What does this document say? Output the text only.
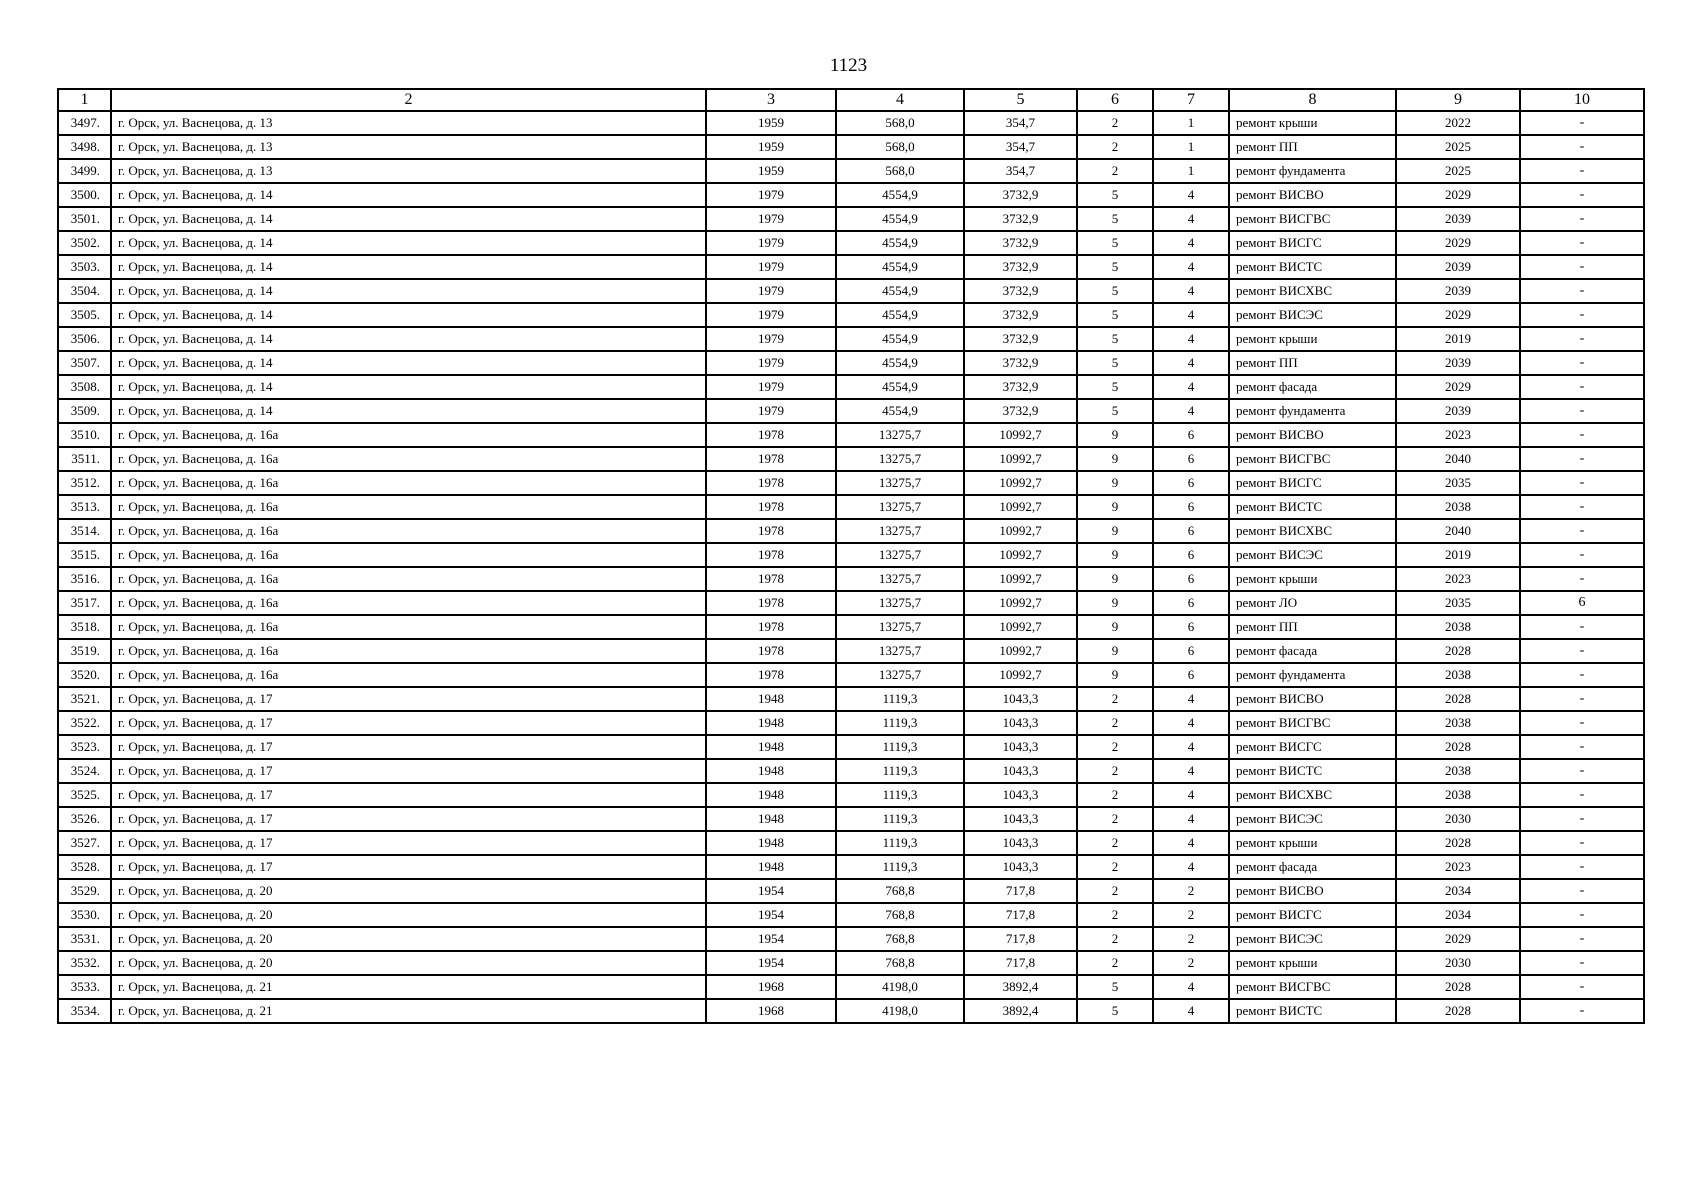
1123
1	2	3	4	5	6	7	8	9	10
3497.	г. Орск, ул. Васнецова, д. 13	1959	568,0	354,7	2	1	ремонт крыши	2022	-
3498.	г. Орск, ул. Васнецова, д. 13	1959	568,0	354,7	2	1	ремонт ПП	2025	-
3499.	г. Орск, ул. Васнецова, д. 13	1959	568,0	354,7	2	1	ремонт фундамента	2025	-
3500.	г. Орск, ул. Васнецова, д. 14	1979	4554,9	3732,9	5	4	ремонт ВИСВО	2029	-
3501.	г. Орск, ул. Васнецова, д. 14	1979	4554,9	3732,9	5	4	ремонт ВИСГВС	2039	-
3502.	г. Орск, ул. Васнецова, д. 14	1979	4554,9	3732,9	5	4	ремонт ВИСГС	2029	-
3503.	г. Орск, ул. Васнецова, д. 14	1979	4554,9	3732,9	5	4	ремонт ВИСТС	2039	-
3504.	г. Орск, ул. Васнецова, д. 14	1979	4554,9	3732,9	5	4	ремонт ВИСХВС	2039	-
3505.	г. Орск, ул. Васнецова, д. 14	1979	4554,9	3732,9	5	4	ремонт ВИСЭС	2029	-
3506.	г. Орск, ул. Васнецова, д. 14	1979	4554,9	3732,9	5	4	ремонт крыши	2019	-
3507.	г. Орск, ул. Васнецова, д. 14	1979	4554,9	3732,9	5	4	ремонт ПП	2039	-
3508.	г. Орск, ул. Васнецова, д. 14	1979	4554,9	3732,9	5	4	ремонт фасада	2029	-
3509.	г. Орск, ул. Васнецова, д. 14	1979	4554,9	3732,9	5	4	ремонт фундамента	2039	-
3510.	г. Орск, ул. Васнецова, д. 16а	1978	13275,7	10992,7	9	6	ремонт ВИСВО	2023	-
3511.	г. Орск, ул. Васнецова, д. 16а	1978	13275,7	10992,7	9	6	ремонт ВИСГВС	2040	-
3512.	г. Орск, ул. Васнецова, д. 16а	1978	13275,7	10992,7	9	6	ремонт ВИСГС	2035	-
3513.	г. Орск, ул. Васнецова, д. 16а	1978	13275,7	10992,7	9	6	ремонт ВИСТС	2038	-
3514.	г. Орск, ул. Васнецова, д. 16а	1978	13275,7	10992,7	9	6	ремонт ВИСХВС	2040	-
3515.	г. Орск, ул. Васнецова, д. 16а	1978	13275,7	10992,7	9	6	ремонт ВИСЭС	2019	-
3516.	г. Орск, ул. Васнецова, д. 16а	1978	13275,7	10992,7	9	6	ремонт крыши	2023	-
3517.	г. Орск, ул. Васнецова, д. 16а	1978	13275,7	10992,7	9	6	ремонт ЛО	2035	6
3518.	г. Орск, ул. Васнецова, д. 16а	1978	13275,7	10992,7	9	6	ремонт ПП	2038	-
3519.	г. Орск, ул. Васнецова, д. 16а	1978	13275,7	10992,7	9	6	ремонт фасада	2028	-
3520.	г. Орск, ул. Васнецова, д. 16а	1978	13275,7	10992,7	9	6	ремонт фундамента	2038	-
3521.	г. Орск, ул. Васнецова, д. 17	1948	1119,3	1043,3	2	4	ремонт ВИСВО	2028	-
3522.	г. Орск, ул. Васнецова, д. 17	1948	1119,3	1043,3	2	4	ремонт ВИСГВС	2038	-
3523.	г. Орск, ул. Васнецова, д. 17	1948	1119,3	1043,3	2	4	ремонт ВИСГС	2028	-
3524.	г. Орск, ул. Васнецова, д. 17	1948	1119,3	1043,3	2	4	ремонт ВИСТС	2038	-
3525.	г. Орск, ул. Васнецова, д. 17	1948	1119,3	1043,3	2	4	ремонт ВИСХВС	2038	-
3526.	г. Орск, ул. Васнецова, д. 17	1948	1119,3	1043,3	2	4	ремонт ВИСЭС	2030	-
3527.	г. Орск, ул. Васнецова, д. 17	1948	1119,3	1043,3	2	4	ремонт крыши	2028	-
3528.	г. Орск, ул. Васнецова, д. 17	1948	1119,3	1043,3	2	4	ремонт фасада	2023	-
3529.	г. Орск, ул. Васнецова, д. 20	1954	768,8	717,8	2	2	ремонт ВИСВО	2034	-
3530.	г. Орск, ул. Васнецова, д. 20	1954	768,8	717,8	2	2	ремонт ВИСГС	2034	-
3531.	г. Орск, ул. Васнецова, д. 20	1954	768,8	717,8	2	2	ремонт ВИСЭС	2029	-
3532.	г. Орск, ул. Васнецова, д. 20	1954	768,8	717,8	2	2	ремонт крыши	2030	-
3533.	г. Орск, ул. Васнецова, д. 21	1968	4198,0	3892,4	5	4	ремонт ВИСГВС	2028	-
3534.	г. Орск, ул. Васнецова, д. 21	1968	4198,0	3892,4	5	4	ремонт ВИСТС	2028	-
